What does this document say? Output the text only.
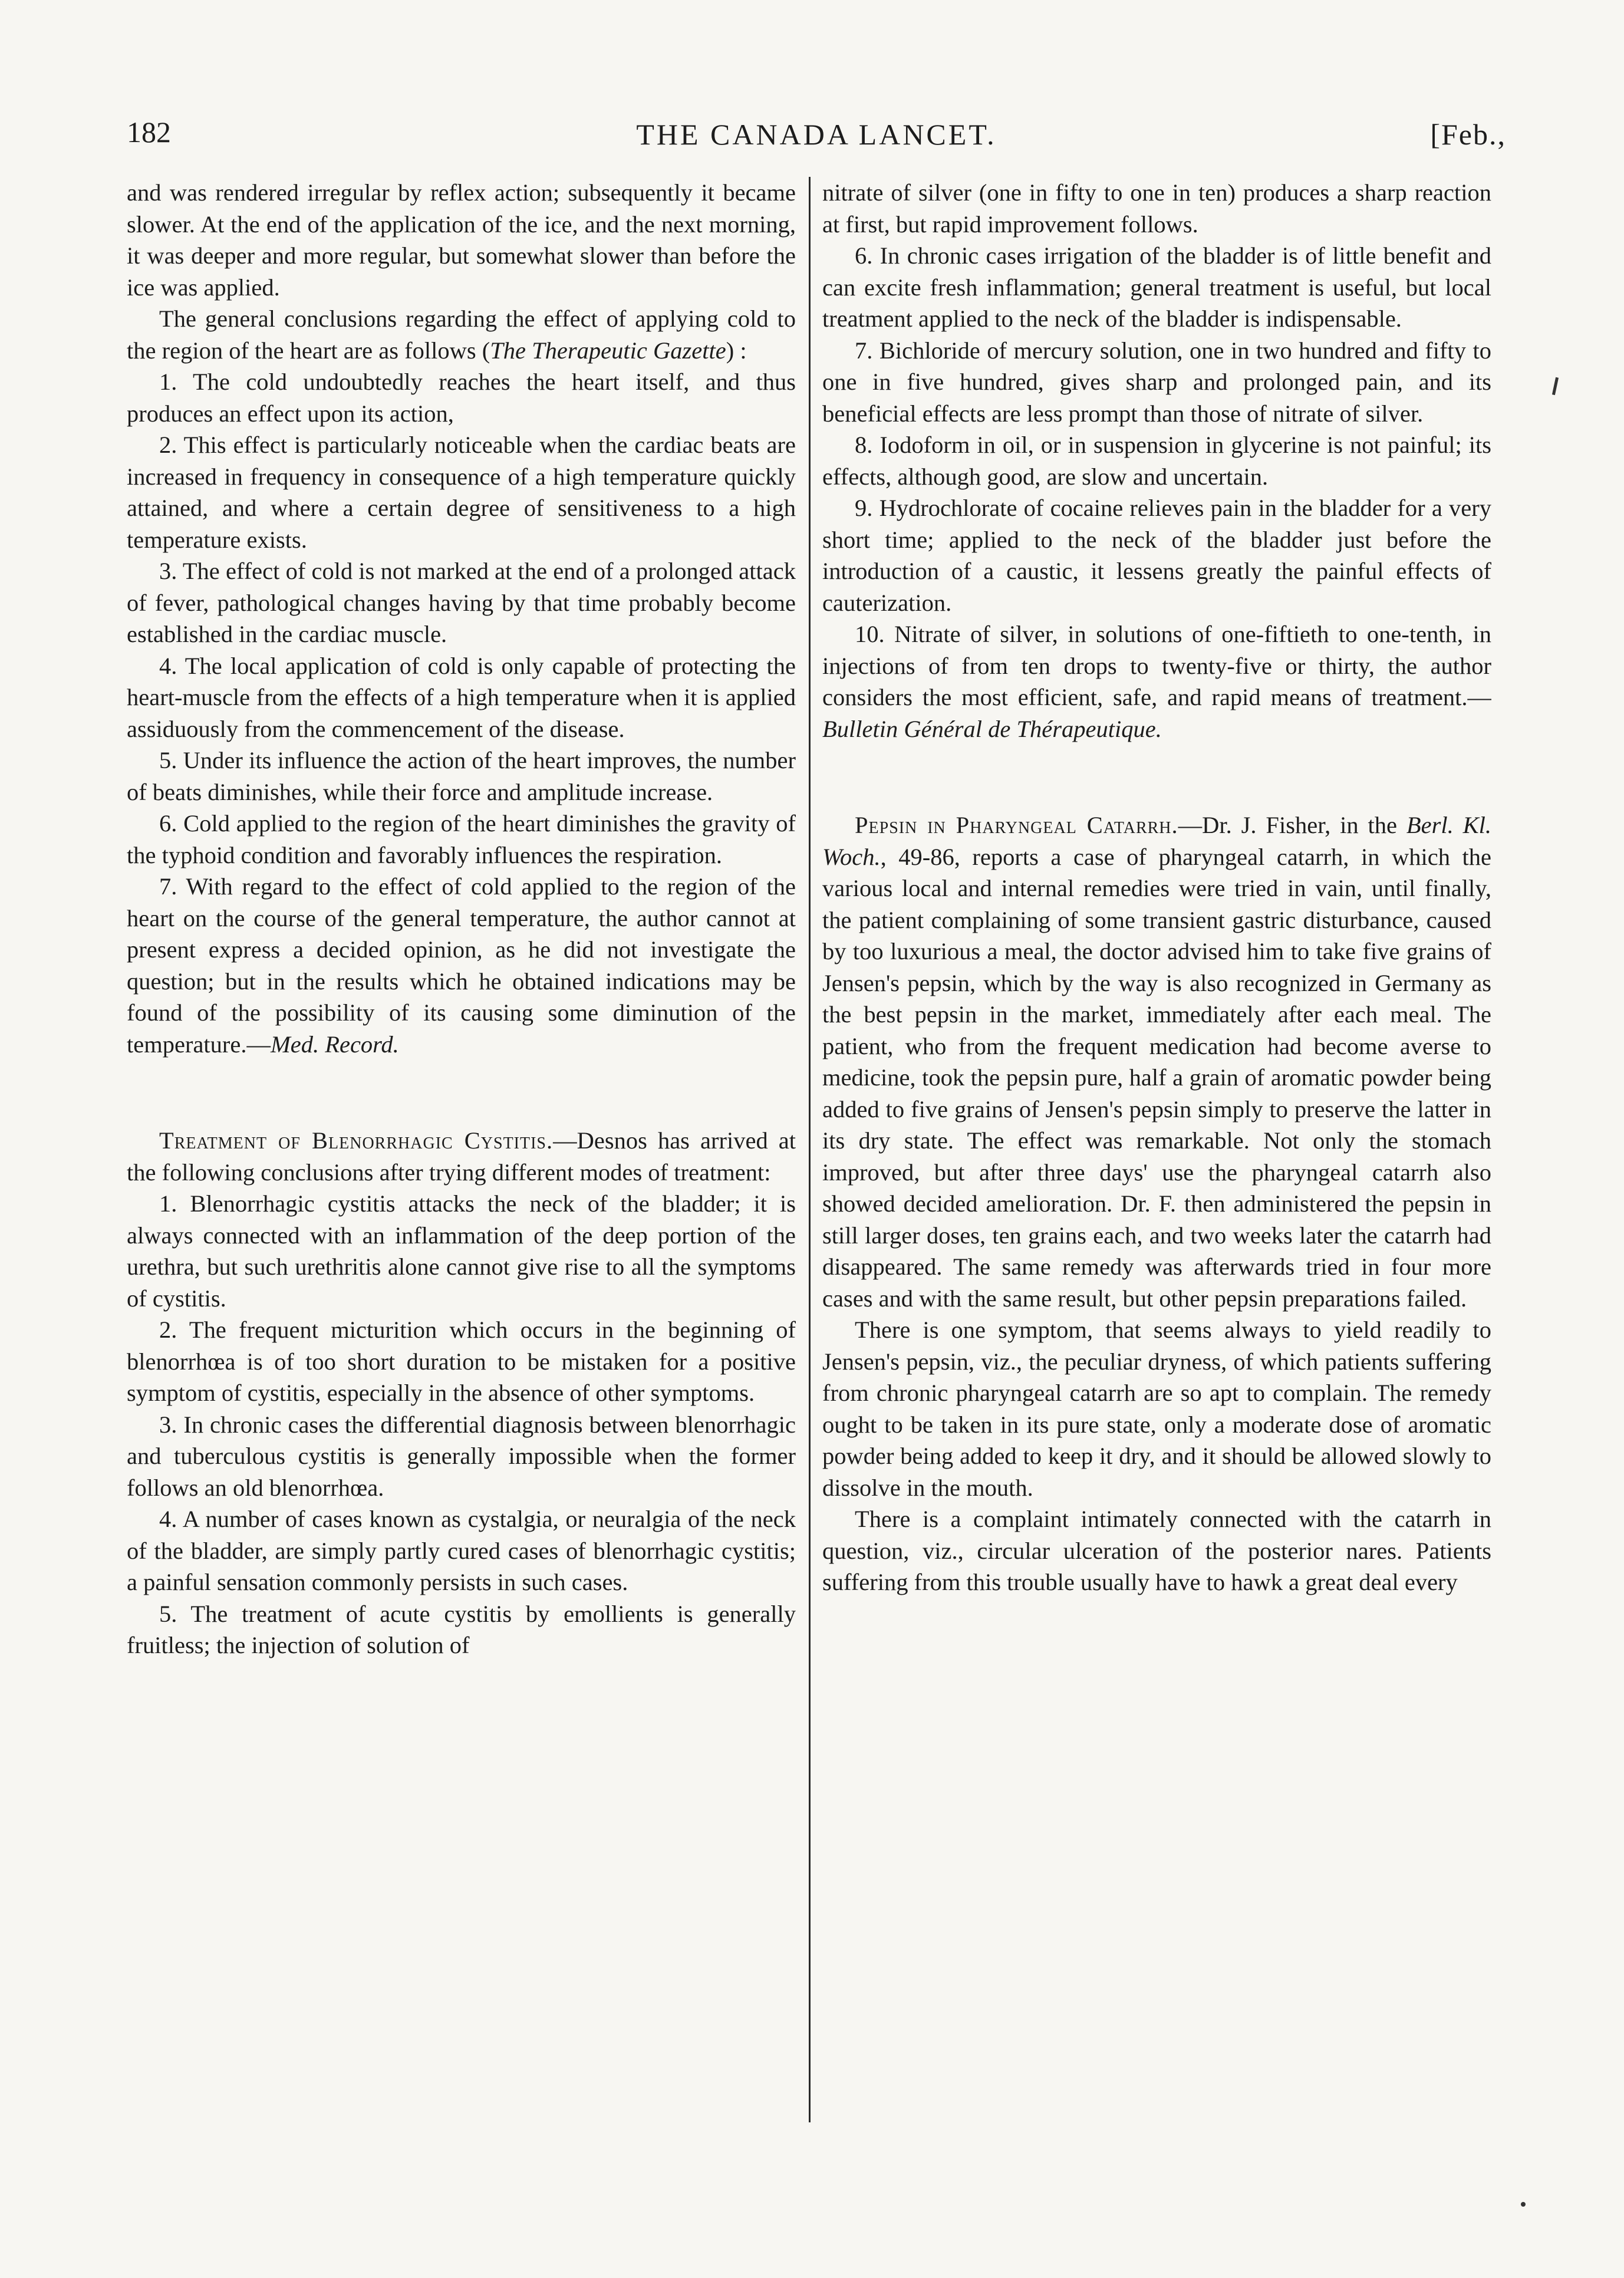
182	THE CANADA LANCET.	[Feb.,

and was rendered irregular by reflex action; subsequently it became slower. At the end of the application of the ice, and the next morning, it was deeper and more regular, but somewhat slower than before the ice was applied.

The general conclusions regarding the effect of applying cold to the region of the heart are as follows (The Therapeutic Gazette) :

1. The cold undoubtedly reaches the heart itself, and thus produces an effect upon its action,

2. This effect is particularly noticeable when the cardiac beats are increased in frequency in consequence of a high temperature quickly attained, and where a certain degree of sensitiveness to a high temperature exists.

3. The effect of cold is not marked at the end of a prolonged attack of fever, pathological changes having by that time probably become established in the cardiac muscle.

4. The local application of cold is only capable of protecting the heart-muscle from the effects of a high temperature when it is applied assiduously from the commencement of the disease.

5. Under its influence the action of the heart improves, the number of beats diminishes, while their force and amplitude increase.

6. Cold applied to the region of the heart diminishes the gravity of the typhoid condition and favorably influences the respiration.

7. With regard to the effect of cold applied to the region of the heart on the course of the general temperature, the author cannot at present express a decided opinion, as he did not investigate the question; but in the results which he obtained indications may be found of the possibility of its causing some diminution of the temperature.—Med. Record.

Treatment of Blenorrhagic Cystitis.—Desnos has arrived at the following conclusions after trying different modes of treatment:

1. Blenorrhagic cystitis attacks the neck of the bladder; it is always connected with an inflammation of the deep portion of the urethra, but such urethritis alone cannot give rise to all the symptoms of cystitis.

2. The frequent micturition which occurs in the beginning of blenorrhœa is of too short duration to be mistaken for a positive symptom of cystitis, especially in the absence of other symptoms.

3. In chronic cases the differential diagnosis between blenorrhagic and tuberculous cystitis is generally impossible when the former follows an old blenorrhœa.

4. A number of cases known as cystalgia, or neuralgia of the neck of the bladder, are simply partly cured cases of blenorrhagic cystitis; a painful sensation commonly persists in such cases.

5. The treatment of acute cystitis by emollients is generally fruitless; the injection of solution of

nitrate of silver (one in fifty to one in ten) produces a sharp reaction at first, but rapid improvement follows.

6. In chronic cases irrigation of the bladder is of little benefit and can excite fresh inflammation; general treatment is useful, but local treatment applied to the neck of the bladder is indispensable.

7. Bichloride of mercury solution, one in two hundred and fifty to one in five hundred, gives sharp and prolonged pain, and its beneficial effects are less prompt than those of nitrate of silver.

8. Iodoform in oil, or in suspension in glycerine is not painful; its effects, although good, are slow and uncertain.

9. Hydrochlorate of cocaine relieves pain in the bladder for a very short time; applied to the neck of the bladder just before the introduction of a caustic, it lessens greatly the painful effects of cauterization.

10. Nitrate of silver, in solutions of one-fiftieth to one-tenth, in injections of from ten drops to twenty-five or thirty, the author considers the most efficient, safe, and rapid means of treatment.—Bulletin Général de Thérapeutique.

Pepsin in Pharyngeal Catarrh.—Dr. J. Fisher, in the Berl. Kl. Woch., 49-86, reports a case of pharyngeal catarrh, in which the various local and internal remedies were tried in vain, until finally, the patient complaining of some transient gastric disturbance, caused by too luxurious a meal, the doctor advised him to take five grains of Jensen's pepsin, which by the way is also recognized in Germany as the best pepsin in the market, immediately after each meal. The patient, who from the frequent medication had become averse to medicine, took the pepsin pure, half a grain of aromatic powder being added to five grains of Jensen's pepsin simply to preserve the latter in its dry state. The effect was remarkable. Not only the stomach improved, but after three days' use the pharyngeal catarrh also showed decided amelioration. Dr. F. then administered the pepsin in still larger doses, ten grains each, and two weeks later the catarrh had disappeared. The same remedy was afterwards tried in four more cases and with the same result, but other pepsin preparations failed.

There is one symptom, that seems always to yield readily to Jensen's pepsin, viz., the peculiar dryness, of which patients suffering from chronic pharyngeal catarrh are so apt to complain. The remedy ought to be taken in its pure state, only a moderate dose of aromatic powder being added to keep it dry, and it should be allowed slowly to dissolve in the mouth.

There is a complaint intimately connected with the catarrh in question, viz., circular ulceration of the posterior nares. Patients suffering from this trouble usually have to hawk a great deal every
